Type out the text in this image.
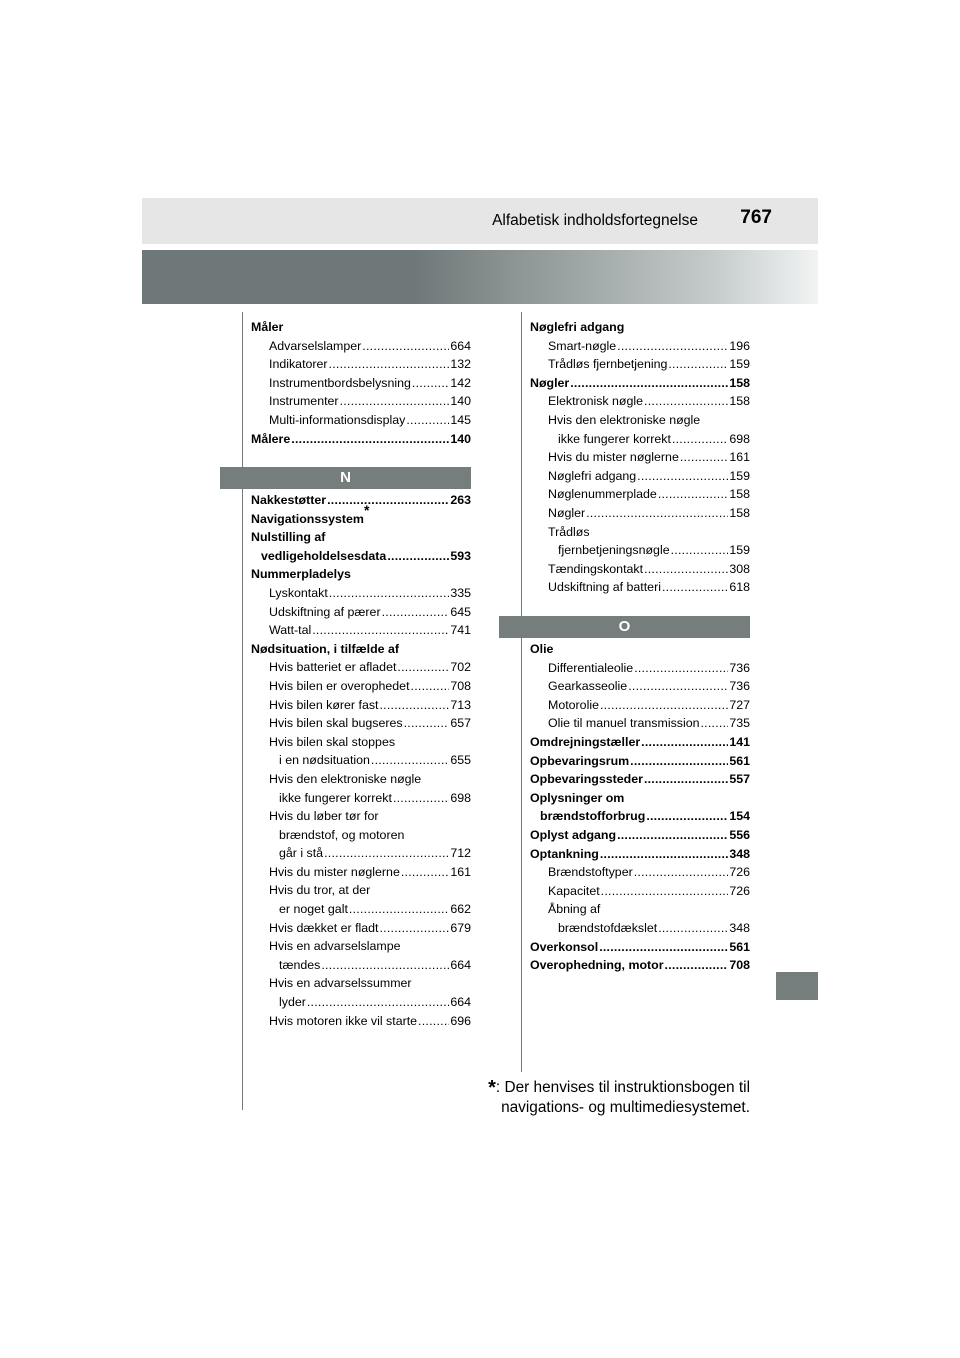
Alfabetisk indholdsfortegnelse 767
Måler
Advarselslamper . . .	664
Indikatorer . . .	132
Instrumentbordsbelysning . . .	142
Instrumenter . . .	140
Multi-informationsdisplay . . .	145
Målere . . .	140
Nakkestøtter . . .	263
Navigationssystem*
Nulstilling af
vedligeholdelsesdata . . .	593
Nummerpladelys
Lyskontakt . . .	335
Udskiftning af pærer . . .	645
Watt-tal . . .	741
Nødsituation, i tilfælde af
Hvis batteriet er afladet . . .	702
Hvis bilen er overophedet . . .	708
Hvis bilen kører fast . . .	713
Hvis bilen skal bugseres . . .	657
Hvis bilen skal stoppes
i en nødsituation . . .	655
Hvis den elektroniske nøgle
ikke fungerer korrekt . . .	698
Hvis du løber tør for
brændstof, og motoren
går i stå . . .	712
Hvis du mister nøglerne . . .	161
Hvis du tror, at der
er noget galt . . .	662
Hvis dækket er fladt . . .	679
Hvis en advarselslampe
tændes . . .	664
Hvis en advarselssummer
lyder . . .	664
Hvis motoren ikke vil starte . . .	696
N
Nøglefri adgang
Smart-nøgle . . .	196
Trådløs fjernbetjening . . .	159
Nøgler . . .	158
Elektronisk nøgle . . .	158
Hvis den elektroniske nøgle
ikke fungerer korrekt . . .	698
Hvis du mister nøglerne . . .	161
Nøglefri adgang . . .	159
Nøglenummerplade . . .	158
Nøgler . . .	158
Trådløs
fjernbetjeningsnøgle . . .	159
Tændingskontakt . . .	308
Udskiftning af batteri . . .	618
O
Olie
Differentialeolie . . .	736
Gearkasseolie . . .	736
Motorolie . . .	727
Olie til manuel transmission . . . 735
Omdrejningstæller . . .	141
Opbevaringsrum . . .	561
Opbevaringssteder . . .	557
Oplysninger om
brændstofforbrug . . .	154
Oplyst adgang . . .	556
Optankning . . .	348
Brændstoftyper . . .	726
Kapacitet . . .	726
Åbning af
brændstofdækslet . . .	348
Overkonsol . . .	561
Overophedning, motor . . .	708
*: Der henvises til instruktionsbogen til
navigations- og multimediesystemet.
